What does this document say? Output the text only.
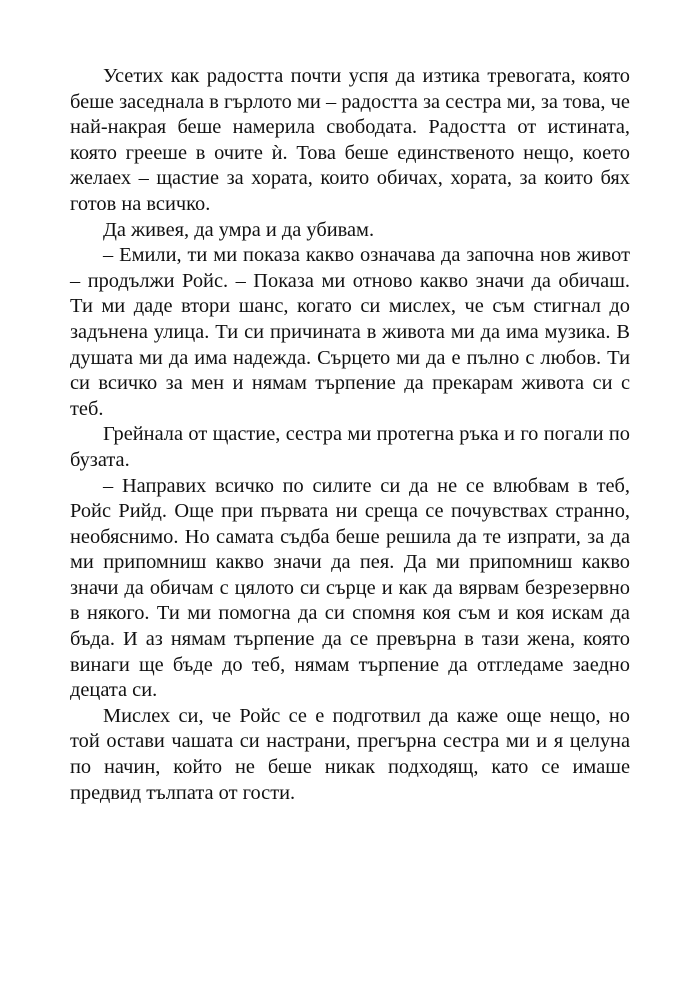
Усетих как радостта почти успя да изтика тревогата, която беше заседнала в гърлото ми – радостта за сестра ми, за това, че най-накрая беше намерила свободата. Радостта от истината, която грееше в очите ѝ. Това беше единственото нещо, което желаех – щастие за хората, които обичах, хората, за които бях готов на всичко.

Да живея, да умра и да убивам.

– Емили, ти ми показа какво означава да започна нов живот – продължи Ройс. – Показа ми отново какво значи да обичаш. Ти ми даде втори шанс, когато си мислех, че съм стигнал до задънена улица. Ти си причината в живота ми да има музика. В душата ми да има надежда. Сърцето ми да е пълно с любов. Ти си всичко за мен и нямам търпение да прекарам живота си с теб.

Грейнала от щастие, сестра ми протегна ръка и го погали по бузата.

– Направих всичко по силите си да не се влюбвам в теб, Ройс Рийд. Още при първата ни среща се почувствах странно, необяснимо. Но самата съдба беше решила да те изпрати, за да ми припомниш какво значи да пея. Да ми припомниш какво значи да обичам с цялото си сърце и как да вярвам безрезервно в някого. Ти ми помогна да си спомня коя съм и коя искам да бъда. И аз нямам търпение да се превърна в тази жена, която винаги ще бъде до теб, нямам търпение да отгледаме заедно децата си.

Мислех си, че Ройс се е подготвил да каже още нещо, но той остави чашата си настрани, прегърна сестра ми и я целуна по начин, който не беше никак подходящ, като се имаше предвид тълпата от гости.
